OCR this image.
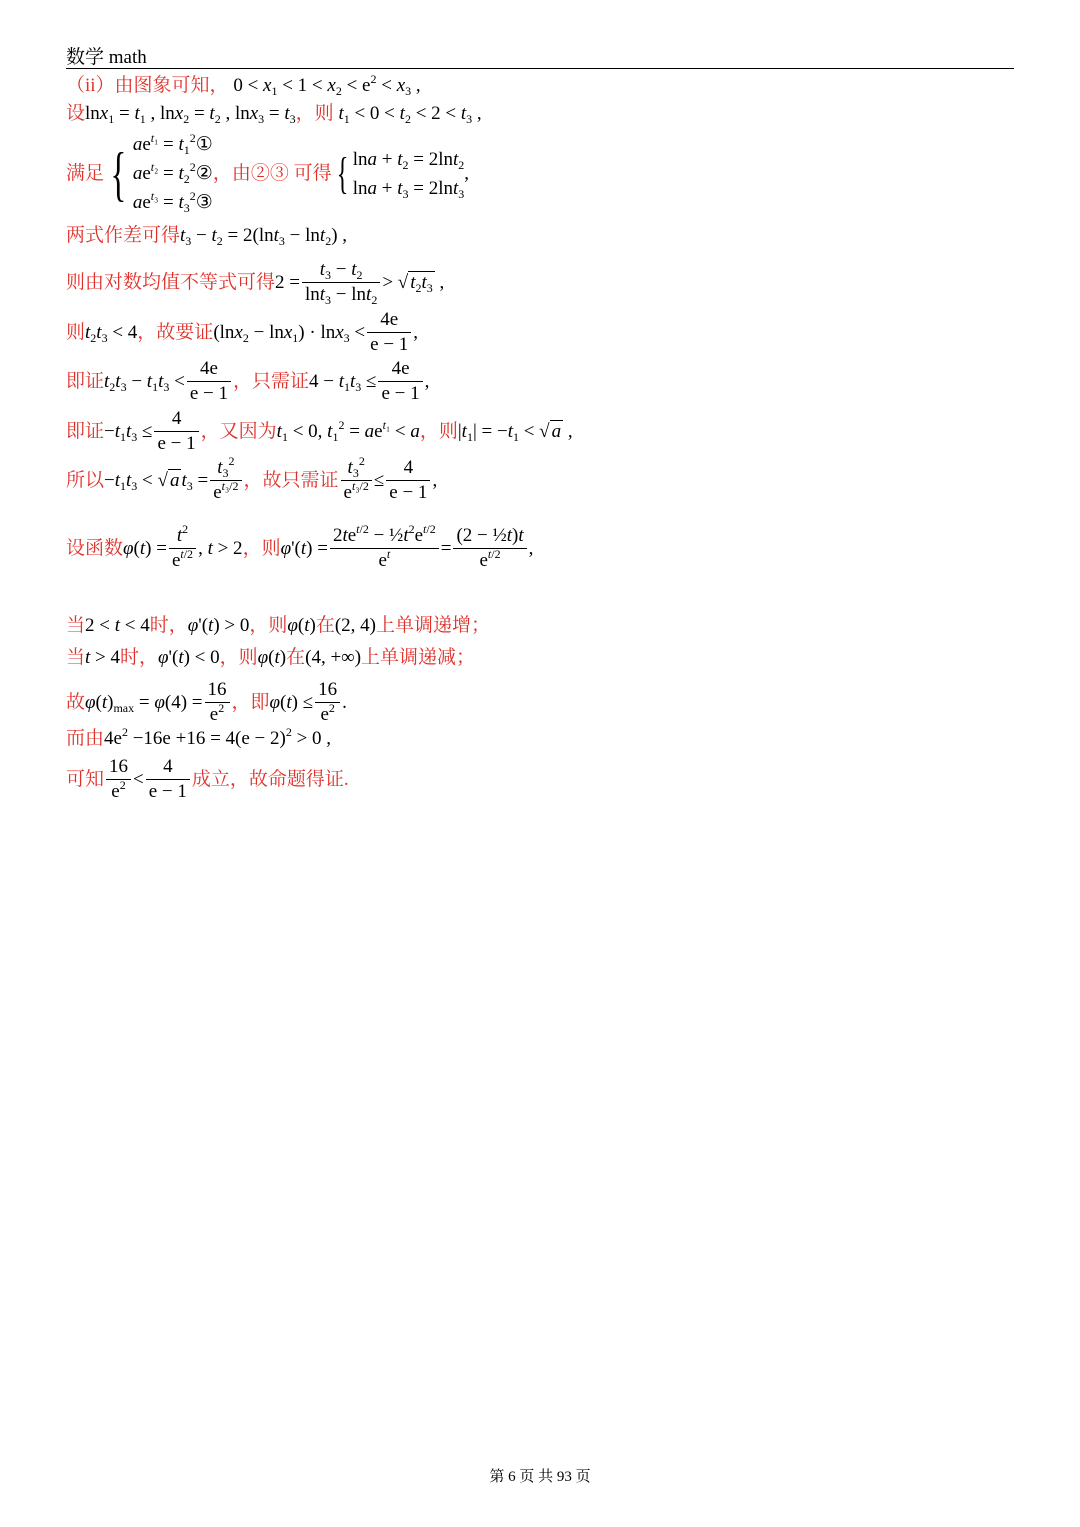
数学 math
（ii）由图象可知， $0 < x_1 < 1 < x_2 < e^2 < x_3$ ,
设$\ln x_1 = t_1$ , $\ln x_2 = t_2$ , $\ln x_3 = t_3$，则 $t_1 < 0 < t_2 < 2 < t_3$ ,
满足 { $ae^{t_1}$ = $t_1^2①$
$ae^{t_2}$ = $t_2^2②$
$ae^{t_3}$ = $t_3^2③$，由②③ 可得 {$\ln a + t_2 = 2\ln t_2$
$\ln a + t_3 = 2\ln t_3$,
两式作差可得$t_3 - t_2 = 2(\ln t_3 - \ln t_2)$ ,
则由对数均值不等式可得$2 = \frac{t_3 - t_2}{\ln t_3 - \ln t_2}$ > √ $t_2t_3$ ,
则$t_2t_3 < 4$，故要证$(\ln x_2 - \ln x_1) \cdot \ln x_3 < \frac{4e}{e - 1}$ ,
即证$t_2t_3 - t_1t_3 < \frac{4e}{e - 1}$ ，只需证$4 - t_1t_3 \le \frac{4e}{e - 1}$ ,
即证$-t_1t_3 \le \frac{4}{e - 1}$ ，又因为$t_1 < 0$, $t_1^2 = ae^{t_1} < a$，则$|t_1| = -t_1$ < √ a ,
所以$-t_1t_3$ < √ a $t_3 = \frac{t_3^2}{e^{t_3/2}}$ ，故只需证 $\frac{t_3^2}{e^{t_3/2}} \le \frac{4}{e - 1}$ ,
设函数$\varphi(t) = \frac{t^2}{e^{t/2}}$ , t > 2，则$\varphi'(t) = \frac{2te^{t/2} - \frac{1}{2}t^2e^{t/2}}{e^t} = \frac{\text{(2 − ½t)t}}{e^{t/2}}$ ,
当2 < t < 4时，φ'(t) > 0，则φ(t)在(2, 4)上单调递增；
当t > 4时，φ'(t) < 0，则φ(t)在(4, +∞)上单调递减；
故$\varphi(t)_{max} = \varphi(4) = \frac{16}{e^2}$ ，即$\varphi(t) \le \frac{16}{e^2}$ .
而由$4e^2 -16e +16 = 4(e - 2)^2 > 0$ ,
可知 $\frac{16}{e^2} < \frac{4}{e - 1}$ 成立，故命题得证.
第 6 页 共 93 页
